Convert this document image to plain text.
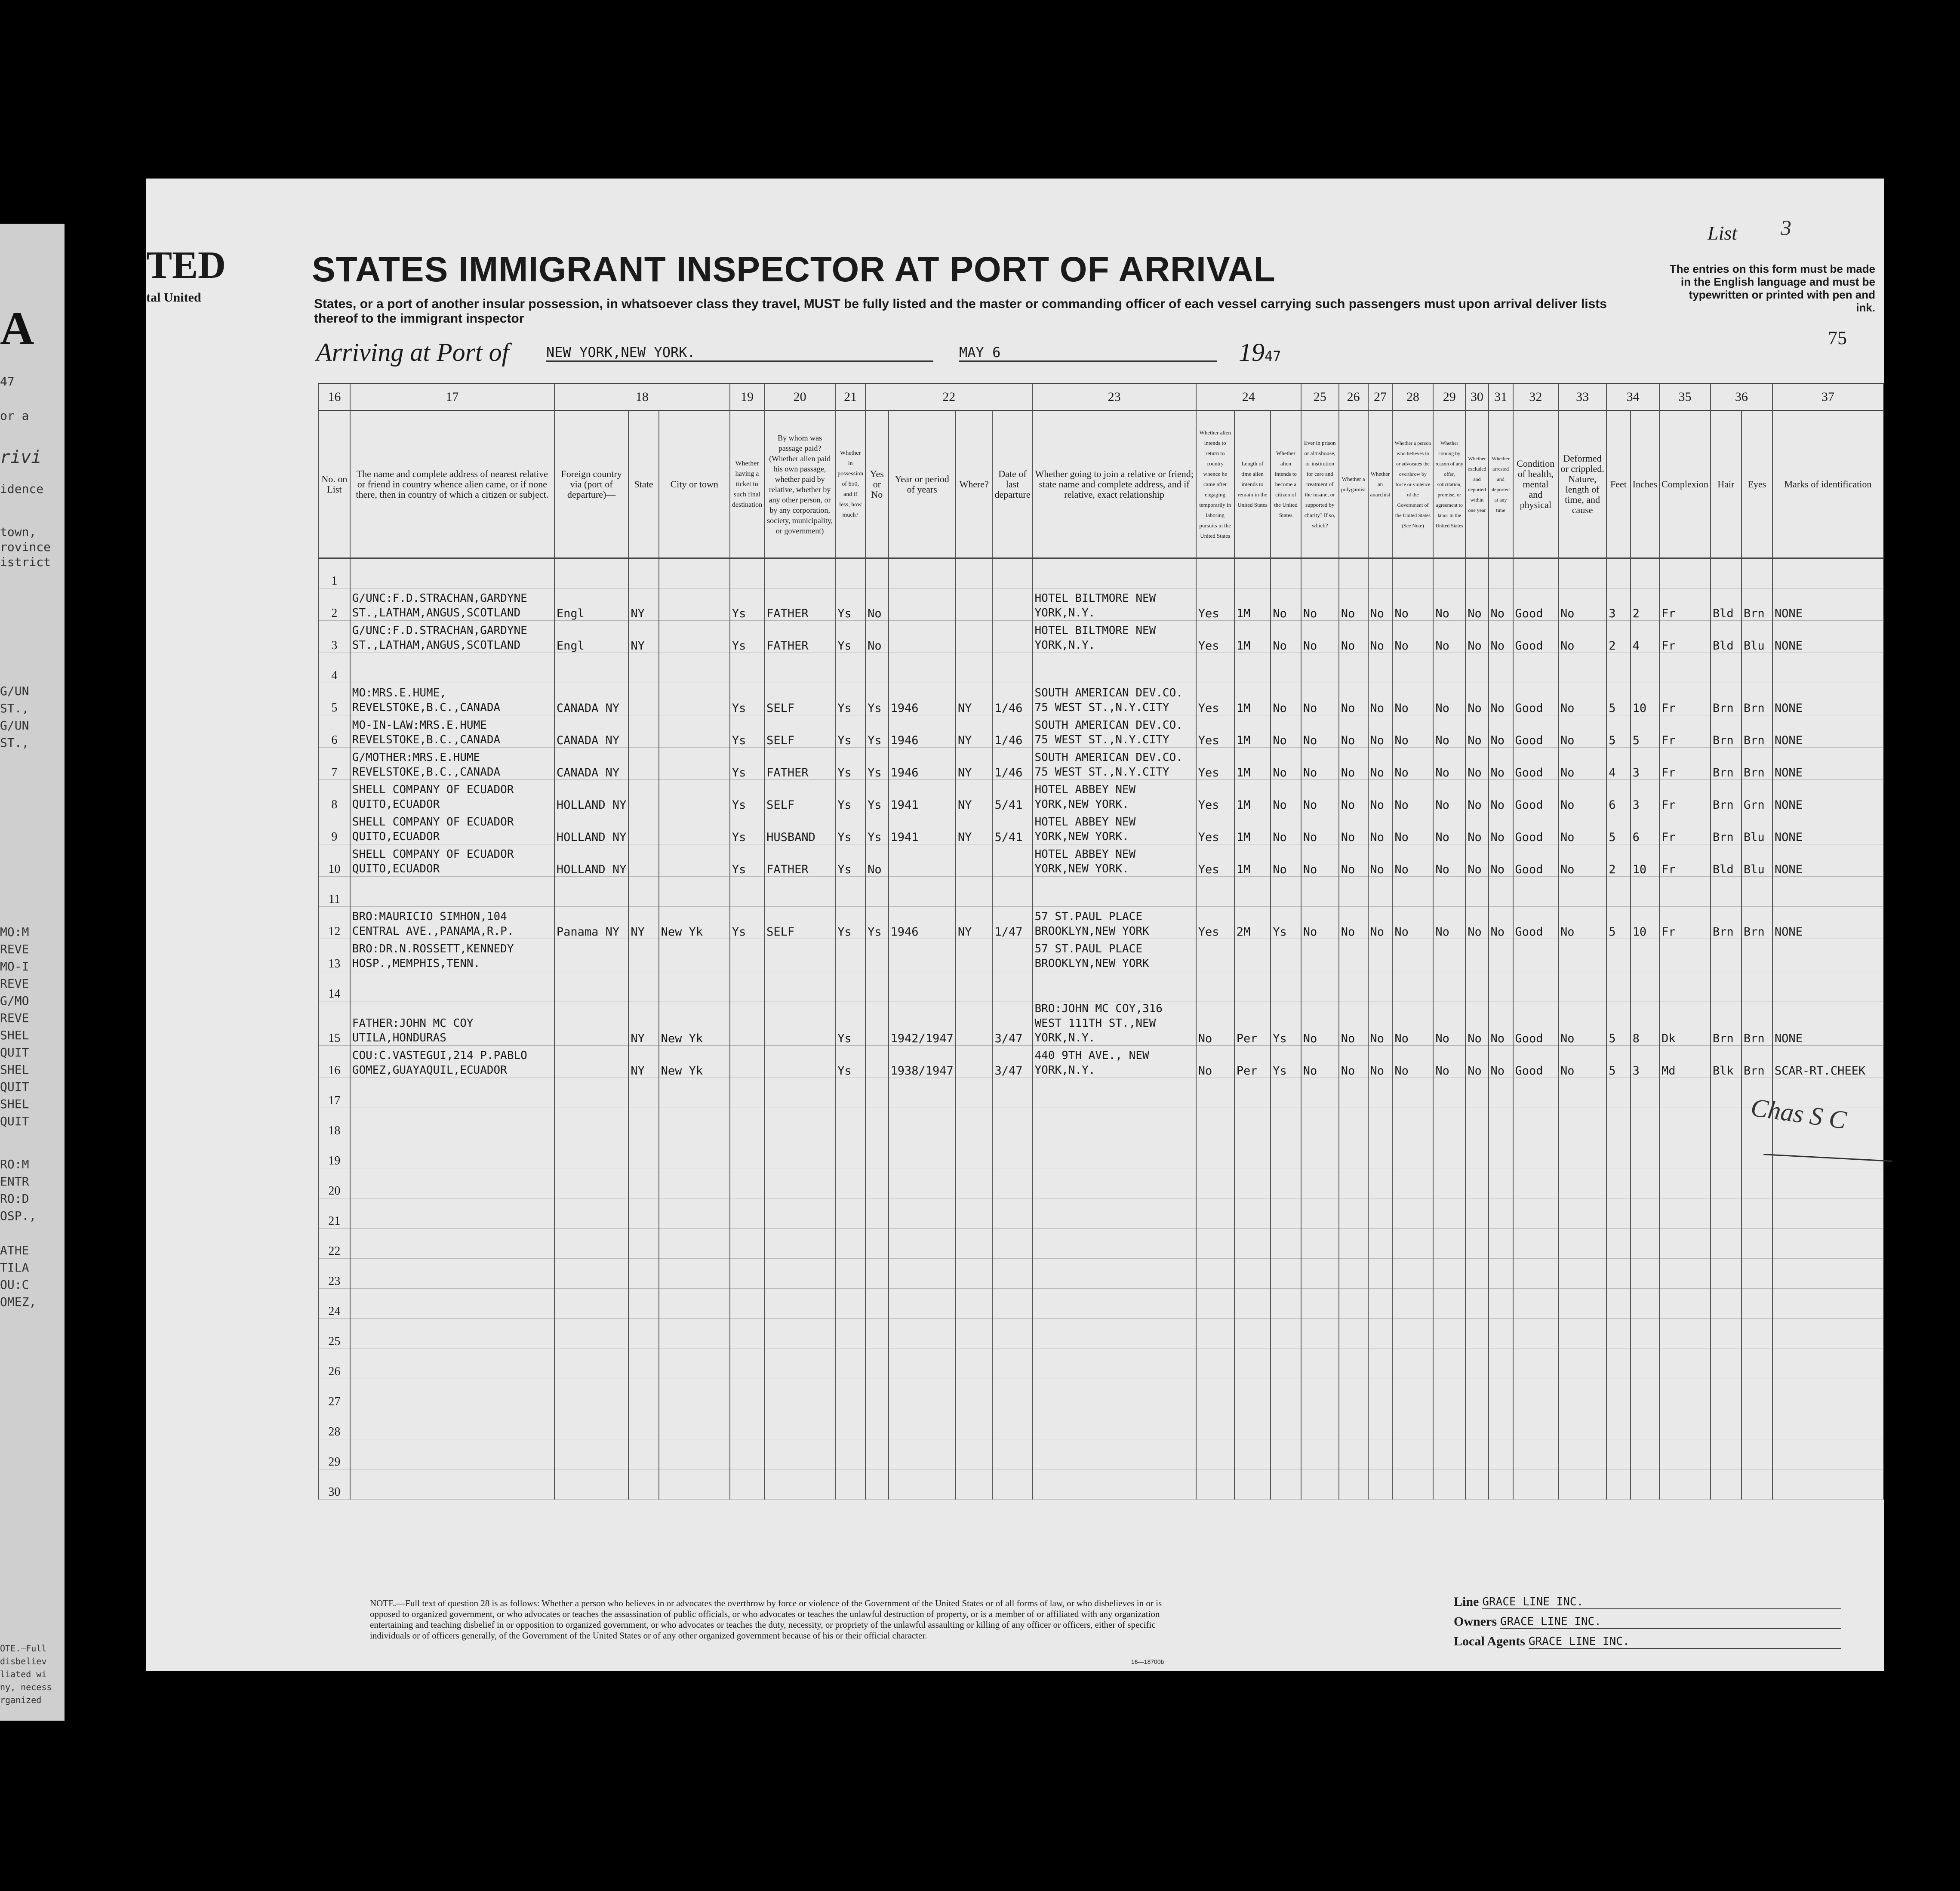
A
47
or a
rivi
idence
town,
rovince
istrict
G/UN
ST.,
G/UN
ST.,
MO:M
REVE
MO-I
REVE
G/MO
REVE
SHEL
QUIT
SHEL
QUIT
SHEL
QUIT
RO:M
ENTR
RO:D
OSP.,
ATHE
TILA
OU:C
OMEZ,
OTE.—Full
disbeliev
liated wi
ny, necess
rganized
TED
tal United
STATES IMMIGRANT INSPECTOR AT PORT OF ARRIVAL
States, or a port of another insular possession, in whatsoever class they travel, MUST be fully listed and the master or commanding officer of each vessel carrying such passengers must upon arrival deliver lists thereof to the immigrant inspector
List 3
The entries on this form must be made in the English language and must be typewritten or printed with pen and ink.
75
Arriving at Port of	NEW YORK,NEW YORK.	MAY 6	1947
16	17	18			19	20	21	22				23	24			25	26	27	28	29	30	31	32	33	34		35	36		37
No. on List	The name and complete address of nearest relative or friend in country whence alien came, or if none there, then in country of which a citizen or subject.	Foreign country via (port of departure)—	State	City or town	Whether having a ticket to such final destination	By whom was passage paid? (Whether alien paid his own passage, whether paid by relative, whether by any other person, or by any corporation, society, municipality, or government)	Whether in possession of $50, and if less, how much?	Yes or No	Year or period of years	Where?	Date of last departure	Whether going to join a relative or friend; state name and complete address, and if relative, exact relationship	Whether alien intends to return to country whence he came after engaging temporarily in laboring pursuits in the United States	Length of time alien intends to remain in the United States	Whether alien intends to become a citizen of the United States	Ever in prison or almshouse, or institution for care and treatment of the insane, or supported by charity? If so, which?	Whether a polygamist	Whether an anarchist	Whether a person who believes in or advocates the overthrow by force or violence of the Government of the United States (See Note)	Whether coming by reason of any offer, solicitation, promise, or agreement to labor in the United States	Whether excluded and deported within one year	Whether arrested and deported at any time	Condition of health, mental and physical	Deformed or crippled. Nature, length of time, and cause	Feet	Inches	Complexion	Hair	Eyes	Marks of identification
1																														
2	G/UNC:F.D.STRACHAN,GARDYNE ST.,LATHAM,ANGUS,SCOTLAND	Engl	NY		Ys	FATHER	Ys	No				HOTEL BILTMORE NEW YORK,N.Y.	Yes	1M	No	No	No	No	No	No	No	No	Good	No	3	2	Fr	Bld	Brn	NONE
3	G/UNC:F.D.STRACHAN,GARDYNE ST.,LATHAM,ANGUS,SCOTLAND	Engl	NY		Ys	FATHER	Ys	No				HOTEL BILTMORE NEW YORK,N.Y.	Yes	1M	No	No	No	No	No	No	No	No	Good	No	2	4	Fr	Bld	Blu	NONE
4																														
5	MO:MRS.E.HUME, REVELSTOKE,B.C.,CANADA	CANADA NY			Ys	SELF	Ys	Ys	1946	NY	1/46	SOUTH AMERICAN DEV.CO. 75 WEST ST.,N.Y.CITY	Yes	1M	No	No	No	No	No	No	No	No	Good	No	5	10	Fr	Brn	Brn	NONE
6	MO-IN-LAW:MRS.E.HUME REVELSTOKE,B.C.,CANADA	CANADA NY			Ys	SELF	Ys	Ys	1946	NY	1/46	SOUTH AMERICAN DEV.CO. 75 WEST ST.,N.Y.CITY	Yes	1M	No	No	No	No	No	No	No	No	Good	No	5	5	Fr	Brn	Brn	NONE
7	G/MOTHER:MRS.E.HUME REVELSTOKE,B.C.,CANADA	CANADA NY			Ys	FATHER	Ys	Ys	1946	NY	1/46	SOUTH AMERICAN DEV.CO. 75 WEST ST.,N.Y.CITY	Yes	1M	No	No	No	No	No	No	No	No	Good	No	4	3	Fr	Brn	Brn	NONE
8	SHELL COMPANY OF ECUADOR QUITO,ECUADOR	HOLLAND NY			Ys	SELF	Ys	Ys	1941	NY	5/41	HOTEL ABBEY NEW YORK,NEW YORK.	Yes	1M	No	No	No	No	No	No	No	No	Good	No	6	3	Fr	Brn	Grn	NONE
9	SHELL COMPANY OF ECUADOR QUITO,ECUADOR	HOLLAND NY			Ys	HUSBAND	Ys	Ys	1941	NY	5/41	HOTEL ABBEY NEW YORK,NEW YORK.	Yes	1M	No	No	No	No	No	No	No	No	Good	No	5	6	Fr	Brn	Blu	NONE
10	SHELL COMPANY OF ECUADOR QUITO,ECUADOR	HOLLAND NY			Ys	FATHER	Ys	No				HOTEL ABBEY NEW YORK,NEW YORK.	Yes	1M	No	No	No	No	No	No	No	No	Good	No	2	10	Fr	Bld	Blu	NONE
11																														
12	BRO:MAURICIO SIMHON,104 CENTRAL AVE.,PANAMA,R.P.	Panama NY	NY	New Yk	Ys	SELF	Ys	Ys	1946	NY	1/47	57 ST.PAUL PLACE BROOKLYN,NEW YORK	Yes	2M	Ys	No	No	No	No	No	No	No	Good	No	5	10	Fr	Brn	Brn	NONE
13	BRO:DR.N.ROSSETT,KENNEDY HOSP.,MEMPHIS,TENN.											57 ST.PAUL PLACE BROOKLYN,NEW YORK																		
14																														
15	FATHER:JOHN MC COY UTILA,HONDURAS		NY	New Yk			Ys		1942/1947		3/47	BRO:JOHN MC COY,316 WEST 111TH ST.,NEW YORK,N.Y.	No	Per	Ys	No	No	No	No	No	No	No	Good	No	5	8	Dk	Brn	Brn	NONE
16	COU:C.VASTEGUI,214 P.PABLO GOMEZ,GUAYAQUIL,ECUADOR		NY	New Yk			Ys		1938/1947		3/47	440 9TH AVE., NEW YORK,N.Y.	No	Per	Ys	No	No	No	No	No	No	No	Good	No	5	3	Md	Blk	Brn	SCAR-RT.CHEEK
17																														
18																														
19																														
20																														
21																														
22																														
23																														
24																														
25																														
26																														
27																														
28																														
29																														
30																														
Chas S C
NOTE.—Full text of question 28 is as follows: Whether a person who believes in or advocates the overthrow by force or violence of the Government of the United States or of all forms of law, or who disbelieves in or is opposed to organized government, or who advocates or teaches the assassination of public officials, or who advocates or teaches the unlawful destruction of property, or is a member of or affiliated with any organization entertaining and teaching disbelief in or opposition to organized government, or who advocates or teaches the duty, necessity, or propriety of the unlawful assaulting or killing of any officer or officers, either of specific individuals or of officers generally, of the Government of the United States or of any other organized government because of his or their official character.
16—18700b
Line GRACE LINE INC.
Owners GRACE LINE INC.
Local Agents GRACE LINE INC.
